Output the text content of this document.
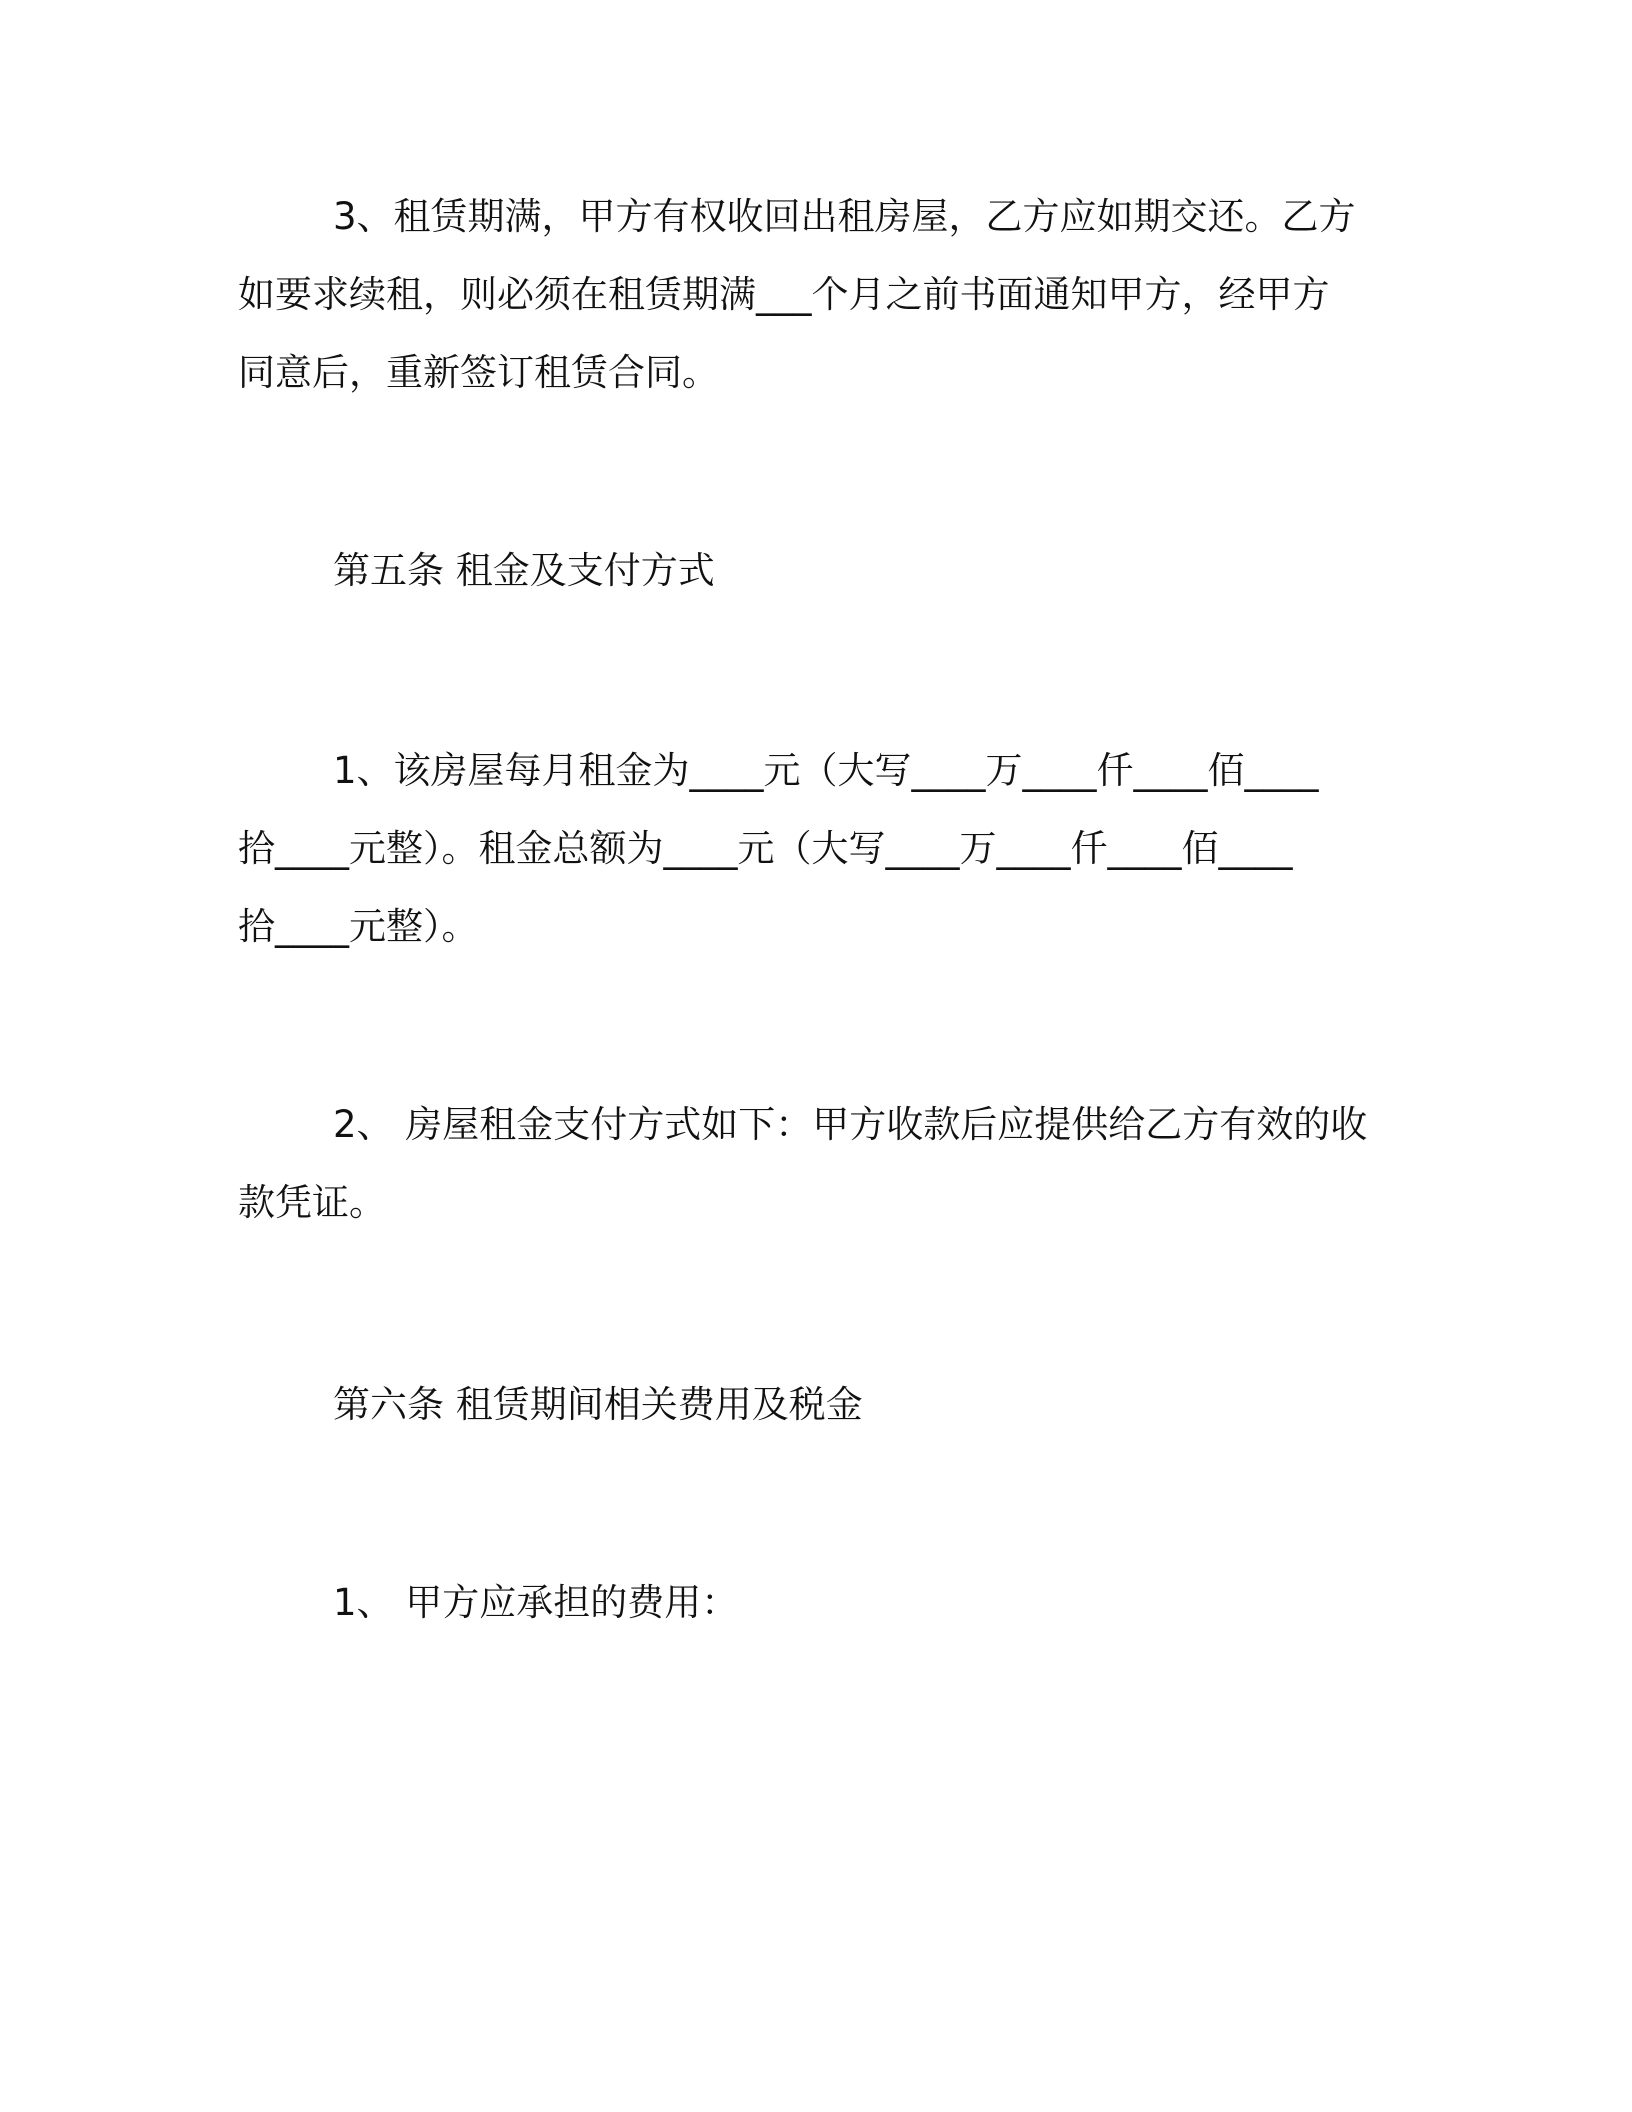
3、租赁期满，甲方有权收回出租房屋，乙方应如期交还。乙方

如要求续租，则必须在租赁期满___个月之前书面通知甲方，经甲方

同意后，重新签订租赁合同。

第五条 租金及支付方式

1、该房屋每月租金为____元（大写____万____仟____佰____

拾____元整）。租金总额为____元（大写____万____仟____佰____

拾____元整）。

2、 房屋租金支付方式如下：甲方收款后应提供给乙方有效的收

款凭证。

第六条 租赁期间相关费用及税金

1、 甲方应承担的费用：
